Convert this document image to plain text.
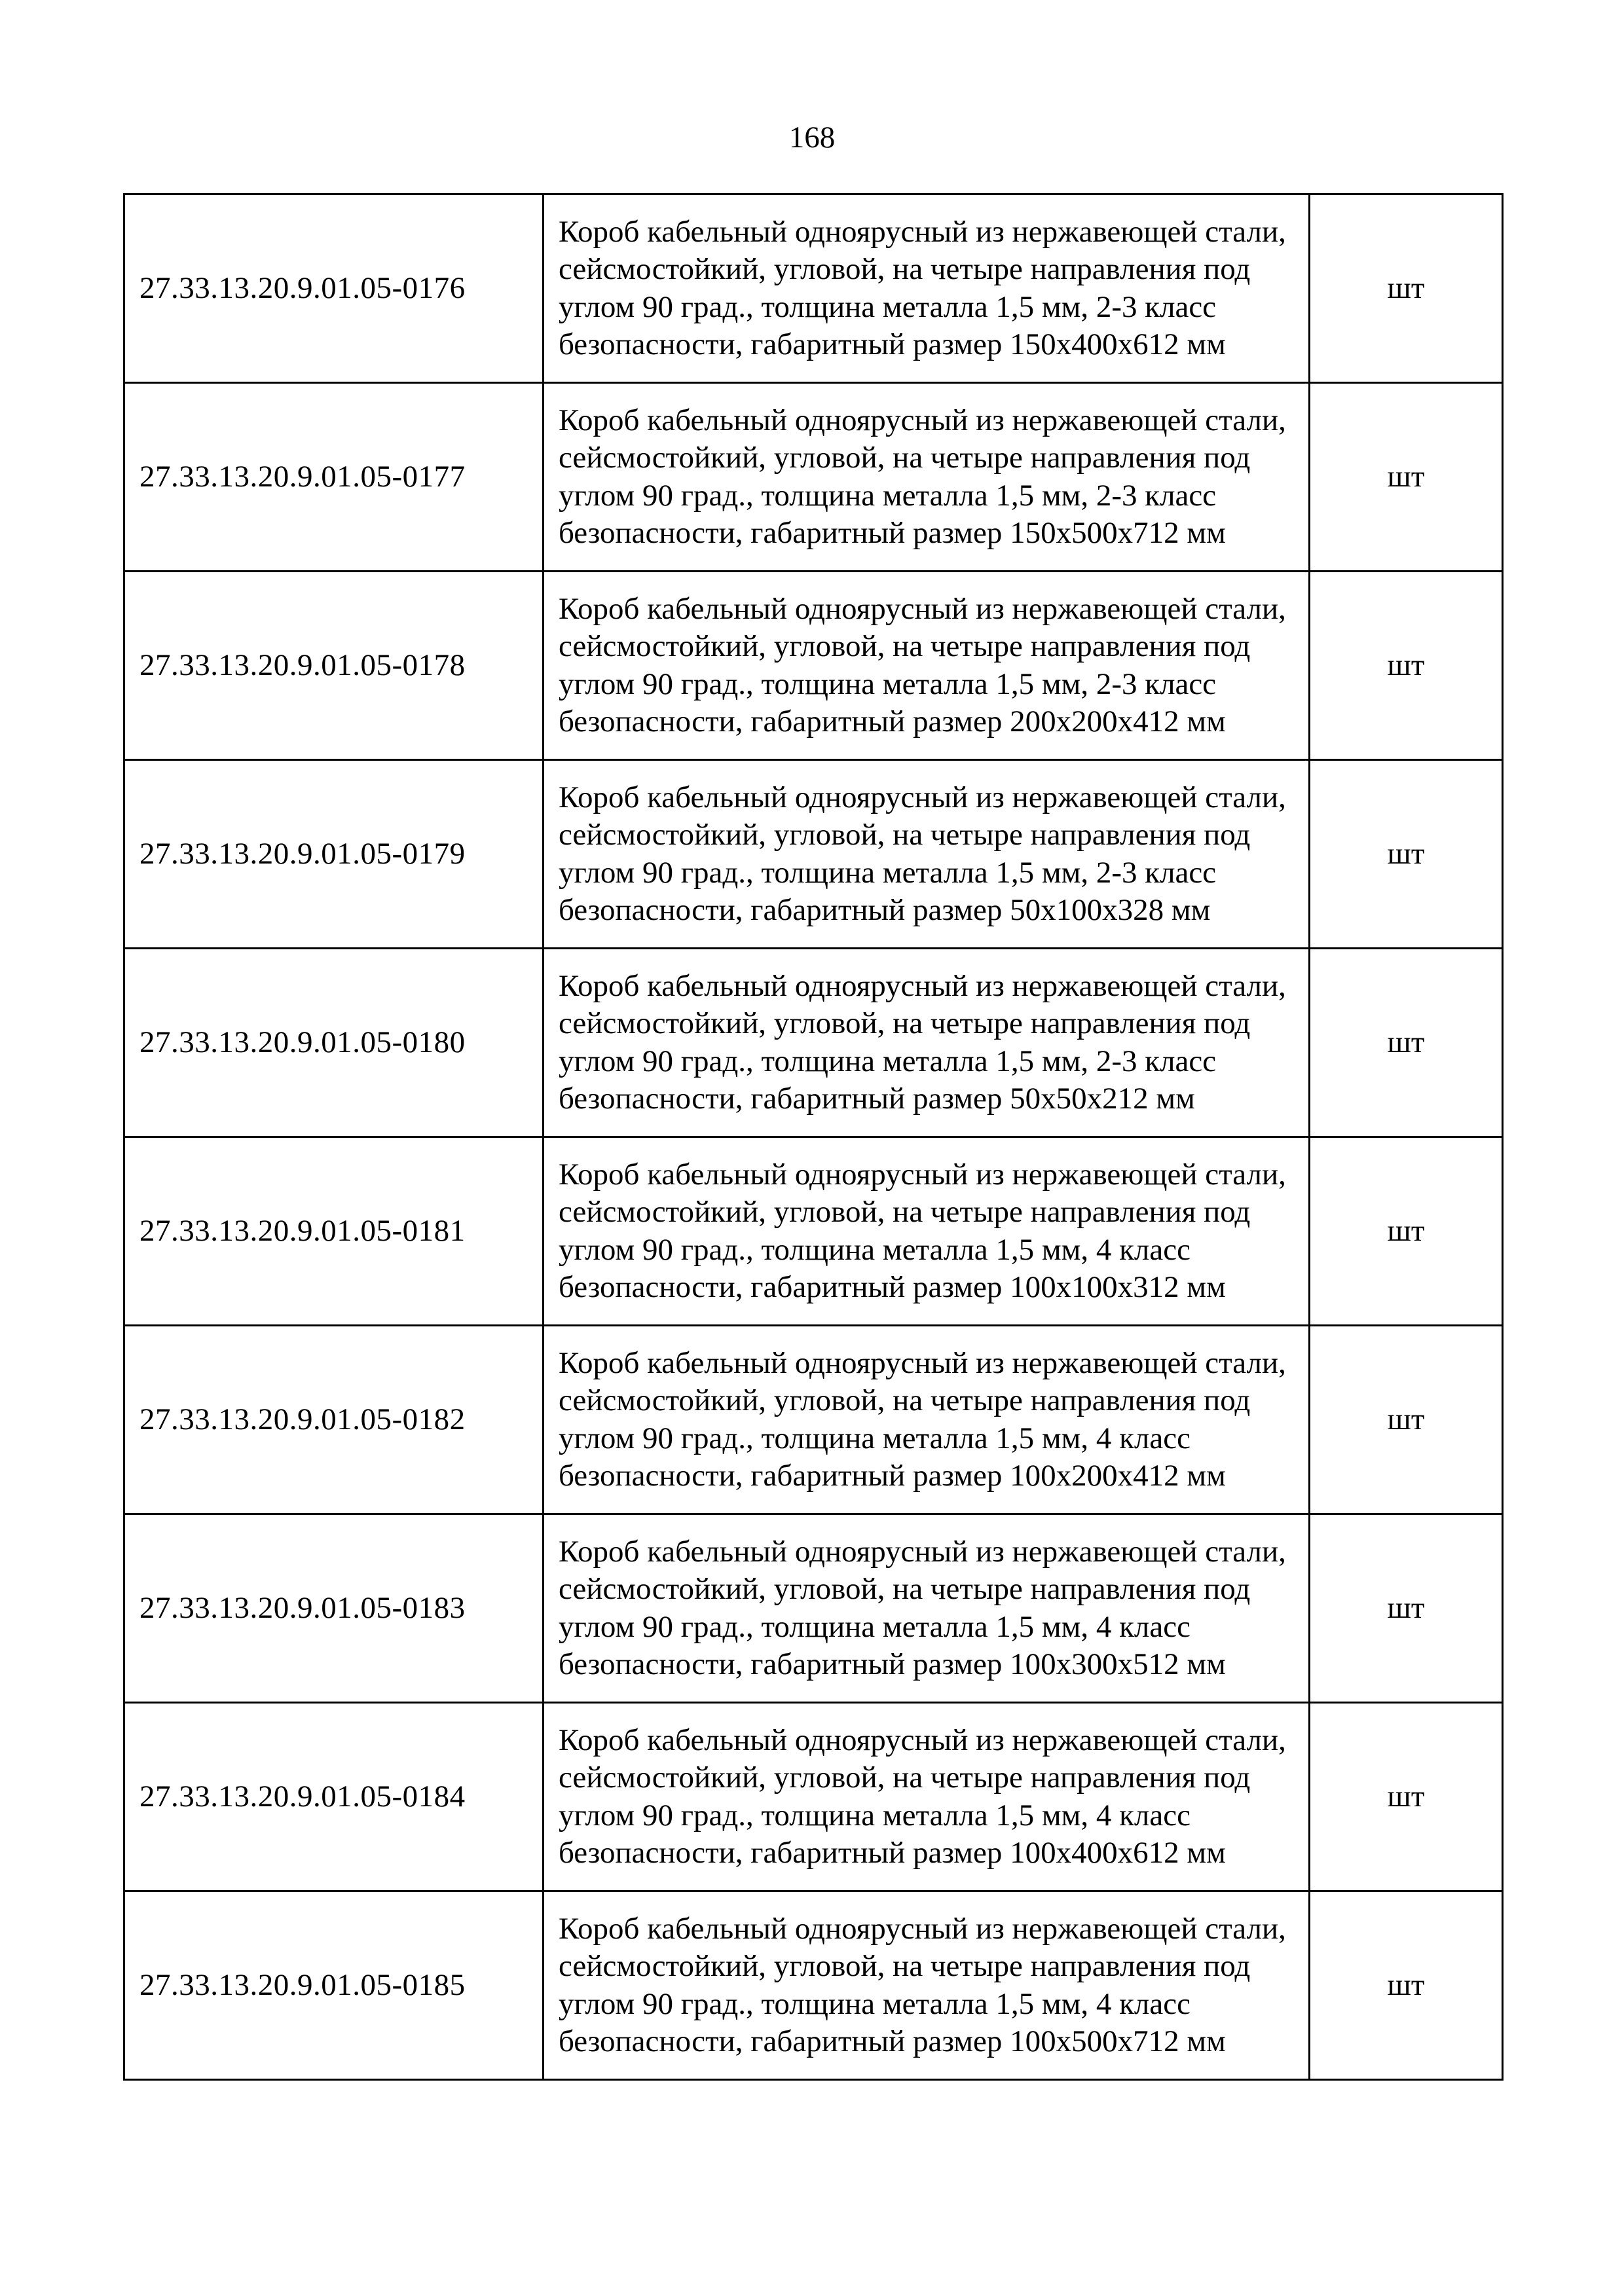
168
27.33.13.20.9.01.05-0176	Короб кабельный одноярусный из нержавеющей стали, сейсмостойкий, угловой, на четыре направления под углом 90 град., толщина металла 1,5 мм, 2-3 класс безопасности, габаритный размер 150х400х612 мм	шт
27.33.13.20.9.01.05-0177	Короб кабельный одноярусный из нержавеющей стали, сейсмостойкий, угловой, на четыре направления под углом 90 град., толщина металла 1,5 мм, 2-3 класс безопасности, габаритный размер 150х500х712 мм	шт
27.33.13.20.9.01.05-0178	Короб кабельный одноярусный из нержавеющей стали, сейсмостойкий, угловой, на четыре направления под углом 90 град., толщина металла 1,5 мм, 2-3 класс безопасности, габаритный размер 200х200х412 мм	шт
27.33.13.20.9.01.05-0179	Короб кабельный одноярусный из нержавеющей стали, сейсмостойкий, угловой, на четыре направления под углом 90 град., толщина металла 1,5 мм, 2-3 класс безопасности, габаритный размер 50х100х328 мм	шт
27.33.13.20.9.01.05-0180	Короб кабельный одноярусный из нержавеющей стали, сейсмостойкий, угловой, на четыре направления под углом 90 град., толщина металла 1,5 мм, 2-3 класс безопасности, габаритный размер 50х50х212 мм	шт
27.33.13.20.9.01.05-0181	Короб кабельный одноярусный из нержавеющей стали, сейсмостойкий, угловой, на четыре направления под углом 90 град., толщина металла 1,5 мм, 4 класс безопасности, габаритный размер 100х100х312 мм	шт
27.33.13.20.9.01.05-0182	Короб кабельный одноярусный из нержавеющей стали, сейсмостойкий, угловой, на четыре направления под углом 90 град., толщина металла 1,5 мм, 4 класс безопасности, габаритный размер 100х200х412 мм	шт
27.33.13.20.9.01.05-0183	Короб кабельный одноярусный из нержавеющей стали, сейсмостойкий, угловой, на четыре направления под углом 90 град., толщина металла 1,5 мм, 4 класс безопасности, габаритный размер 100х300х512 мм	шт
27.33.13.20.9.01.05-0184	Короб кабельный одноярусный из нержавеющей стали, сейсмостойкий, угловой, на четыре направления под углом 90 град., толщина металла 1,5 мм, 4 класс безопасности, габаритный размер 100х400х612 мм	шт
27.33.13.20.9.01.05-0185	Короб кабельный одноярусный из нержавеющей стали, сейсмостойкий, угловой, на четыре направления под углом 90 град., толщина металла 1,5 мм, 4 класс безопасности, габаритный размер 100х500х712 мм	шт
